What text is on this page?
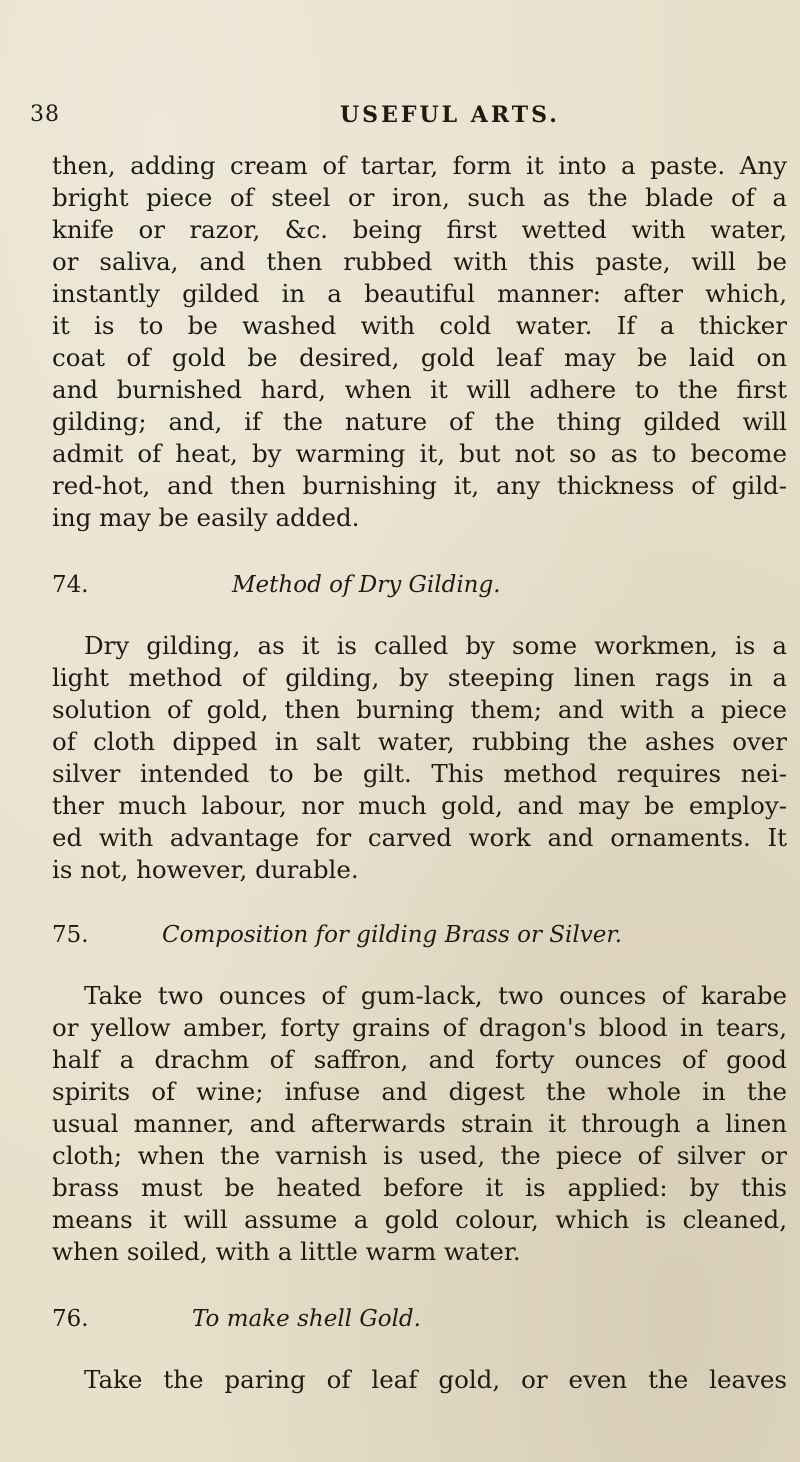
38	USEFUL ARTS.
then, adding cream of tartar, form it into a paste. Any
bright piece of steel or iron, such as the blade of a
knife or razor, &c. being first wetted with water,
or saliva, and then rubbed with this paste, will be
instantly gilded in a beautiful manner: after which,
it is to be washed with cold water. If a thicker
coat of gold be desired, gold leaf may be laid on
and burnished hard, when it will adhere to the first
gilding; and, if the nature of the thing gilded will
admit of heat, by warming it, but not so as to become
red-hot, and then burnishing it, any thickness of gild-
ing may be easily added.
74.	Method of Dry Gilding.
Dry gilding, as it is called by some workmen, is a
light method of gilding, by steeping linen rags in a
solution of gold, then burning them; and with a piece
of cloth dipped in salt water, rubbing the ashes over
silver intended to be gilt. This method requires nei-
ther much labour, nor much gold, and may be employ-
ed with advantage for carved work and ornaments. It
is not, however, durable.
75.	Composition for gilding Brass or Silver.
Take two ounces of gum-lack, two ounces of karabe
or yellow amber, forty grains of dragon's blood in tears,
half a drachm of saffron, and forty ounces of good
spirits of wine; infuse and digest the whole in the
usual manner, and afterwards strain it through a linen
cloth; when the varnish is used, the piece of silver or
brass must be heated before it is applied: by this
means it will assume a gold colour, which is cleaned,
when soiled, with a little warm water.
76.	To make shell Gold.
Take the paring of leaf gold, or even the leaves
